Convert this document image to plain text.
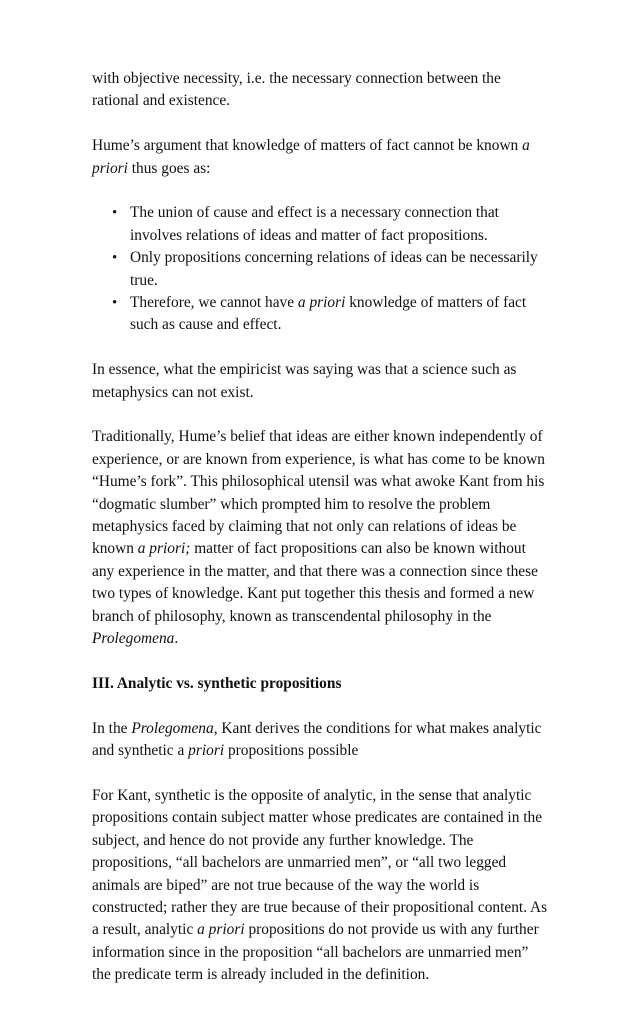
with objective necessity, i.e. the necessary connection between the rational and existence.

Hume’s argument that knowledge of matters of fact cannot be known a priori thus goes as:

• The union of cause and effect is a necessary connection that involves relations of ideas and matter of fact propositions.
• Only propositions concerning relations of ideas can be necessarily true.
• Therefore, we cannot have a priori knowledge of matters of fact such as cause and effect.

In essence, what the empiricist was saying was that a science such as metaphysics can not exist.

Traditionally, Hume’s belief that ideas are either known independently of experience, or are known from experience, is what has come to be known “Hume’s fork”. This philosophical utensil was what awoke Kant from his “dogmatic slumber” which prompted him to resolve the problem metaphysics faced by claiming that not only can relations of ideas be known a priori; matter of fact propositions can also be known without any experience in the matter, and that there was a connection since these two types of knowledge. Kant put together this thesis and formed a new branch of philosophy, known as transcendental philosophy in the Prolegomena.

III. Analytic vs. synthetic propositions

In the Prolegomena, Kant derives the conditions for what makes analytic and synthetic a priori propositions possible

For Kant, synthetic is the opposite of analytic, in the sense that analytic propositions contain subject matter whose predicates are contained in the subject, and hence do not provide any further knowledge. The propositions, “all bachelors are unmarried men”, or “all two legged animals are biped” are not true because of the way the world is constructed; rather they are true because of their propositional content. As a result, analytic a priori propositions do not provide us with any further information since in the proposition “all bachelors are unmarried men” the predicate term is already included in the definition.
